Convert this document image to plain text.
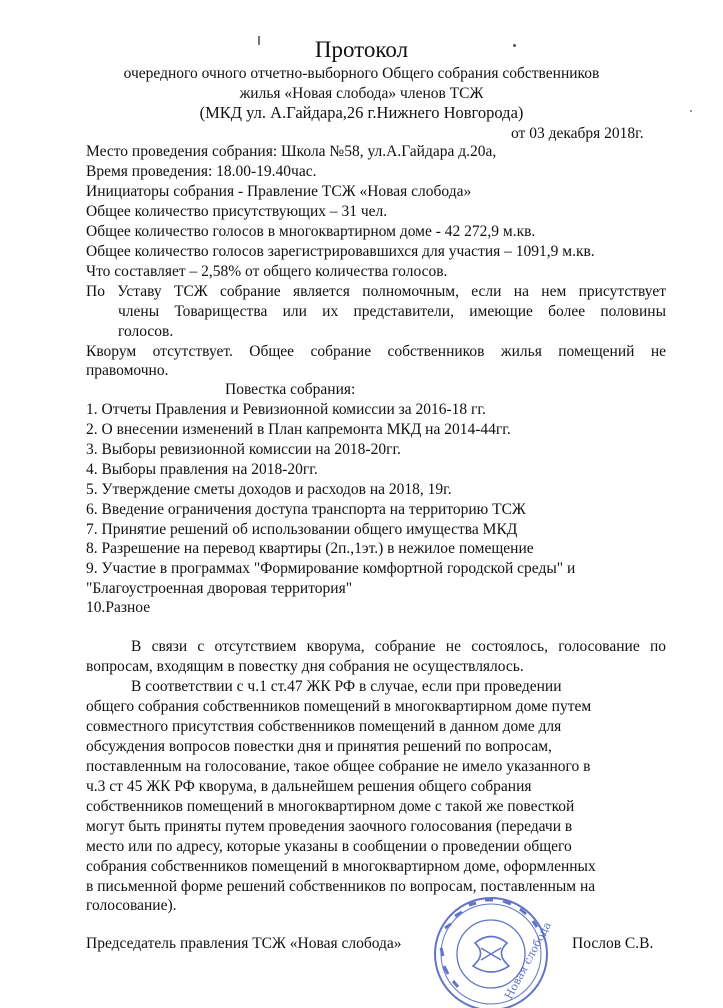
Протокол
очередного очного отчетно-выборного Общего собрания собственников
жилья «Новая слобода» членов ТСЖ
(МКД ул. А.Гайдара,26 г.Нижнего Новгорода)
от 03 декабря 2018г.
Место проведения собрания: Школа №58, ул.А.Гайдара д.20а,
Время проведения: 18.00-19.40час.
Инициаторы собрания - Правление ТСЖ «Новая слобода»
Общее количество присутствующих – 31 чел.
Общее количество голосов в многоквартирном доме - 42 272,9 м.кв.
Общее количество голосов зарегистрировавшихся для участия – 1091,9 м.кв.
Что составляет – 2,58% от общего количества голосов.
По Уставу ТСЖ собрание является полномочным, если на нем присутствует
члены Товарищества или их представители, имеющие более половины
голосов.
Кворум отсутствует. Общее собрание собственников жилья помещений не
правомочно.
Повестка собрания:
1. Отчеты Правления и Ревизионной комиссии за 2016-18 гг.
2. О внесении изменений в План капремонта МКД на 2014-44гг.
3. Выборы ревизионной комиссии на 2018-20гг.
4. Выборы правления на 2018-20гг.
5. Утверждение сметы доходов и расходов на 2018, 19г.
6. Введение ограничения доступа транспорта на территорию ТСЖ
7. Принятие решений об использовании общего имущества МКД
8. Разрешение на перевод квартиры (2п.,1эт.) в нежилое помещение
9. Участие в программах "Формирование комфортной городской среды" и
"Благоустроенная дворовая территория"
10.Разное
В связи с отсутствием кворума, собрание не состоялось, голосование по
вопросам, входящим в повестку дня собрания не осуществлялось.
В соответствии с ч.1 ст.47 ЖК РФ в случае, если при проведении
общего собрания собственников помещений в многоквартирном доме путем
совместного присутствия собственников помещений в данном доме для
обсуждения вопросов повестки дня и принятия решений по вопросам,
поставленным на голосование, такое общее собрание не имело указанного в
ч.3 ст 45 ЖК РФ кворума, в дальнейшем решения общего собрания
собственников помещений в многоквартирном доме с такой же повесткой
могут быть приняты путем проведения заочного голосования (передачи в
место или по адресу, которые указаны в сообщении о проведении общего
собрания собственников помещений в многоквартирном доме, оформленных
в письменной форме решений собственников по вопросам, поставленным на
голосование).
Новая слобода
Председатель правления ТСЖ «Новая слобода»	Послов С.В.
